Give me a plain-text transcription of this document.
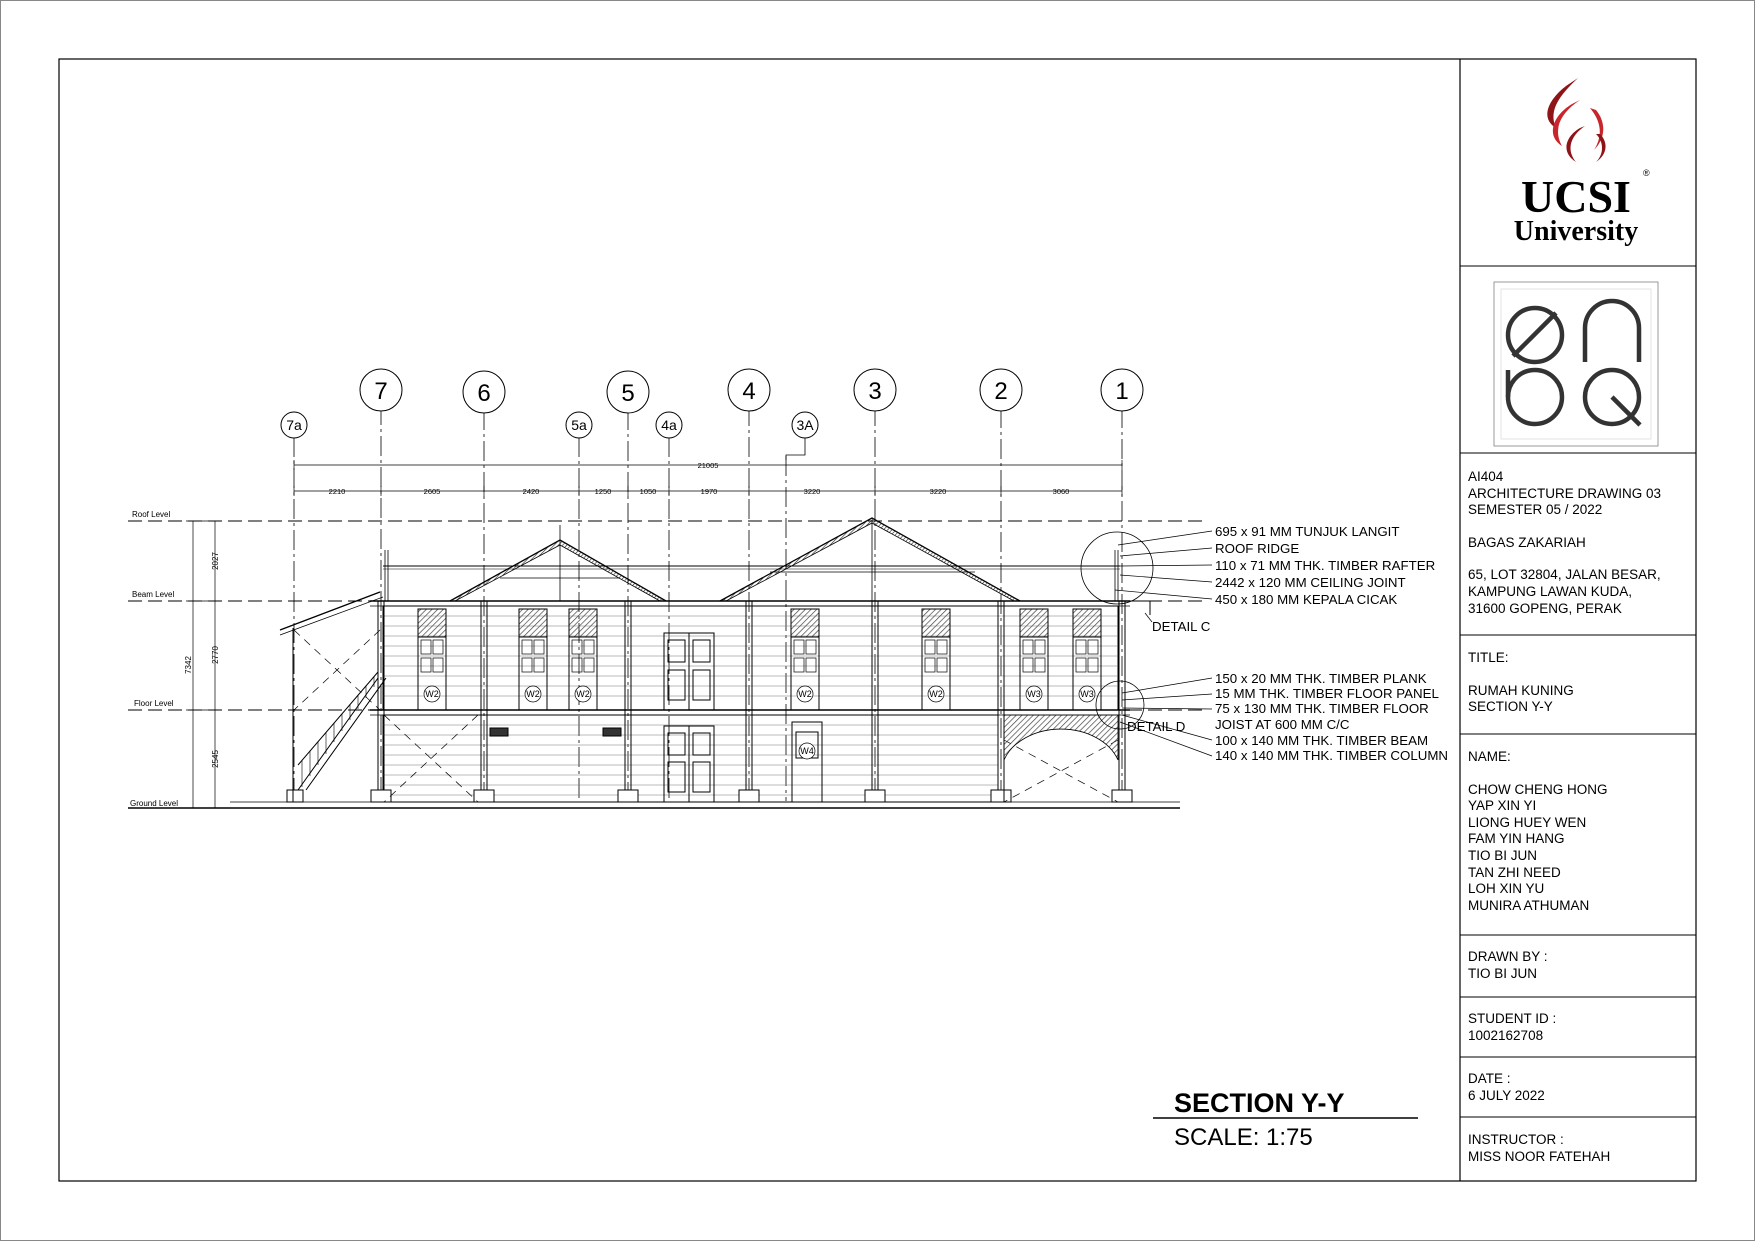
7	6	5	4	3	2	1
7a	5a	4a	3A
21005
2210	2605	2420	1250	1050	1970	3220	3220	3060
Roof Level
Beam Level
Floor Level
Ground Level
2027
2770
2545
7342
W2	W2	W2	W2	W2	W3	W3
W4
695 x 91 MM TUNJUK LANGIT
ROOF RIDGE
110 x 71 MM THK. TIMBER RAFTER
2442 x 120 MM CEILING JOINT
450 x 180 MM KEPALA CICAK
DETAIL C
150 x 20 MM THK. TIMBER PLANK
15 MM THK. TIMBER FLOOR PANEL
75 x 130 MM THK. TIMBER FLOOR
JOIST AT 600 MM C/C
100 x 140 MM THK. TIMBER BEAM
140 x 140 MM THK. TIMBER COLUMN
DETAIL D
SECTION Y-Y
SCALE: 1:75
UCSI ®
University
AI404
ARCHITECTURE DRAWING 03
SEMESTER 05 / 2022
BAGAS ZAKARIAH
65, LOT 32804, JALAN BESAR,
KAMPUNG LAWAN KUDA,
31600 GOPENG, PERAK
TITLE:
RUMAH KUNING
SECTION Y-Y
NAME:
CHOW CHENG HONG
YAP XIN YI
LIONG HUEY WEN
FAM YIN HANG
TIO BI JUN
TAN ZHI NEED
LOH XIN YU
MUNIRA ATHUMAN
DRAWN BY :
TIO BI JUN
STUDENT ID :
1002162708
DATE :
6 JULY 2022
INSTRUCTOR :
MISS NOOR FATEHAH
